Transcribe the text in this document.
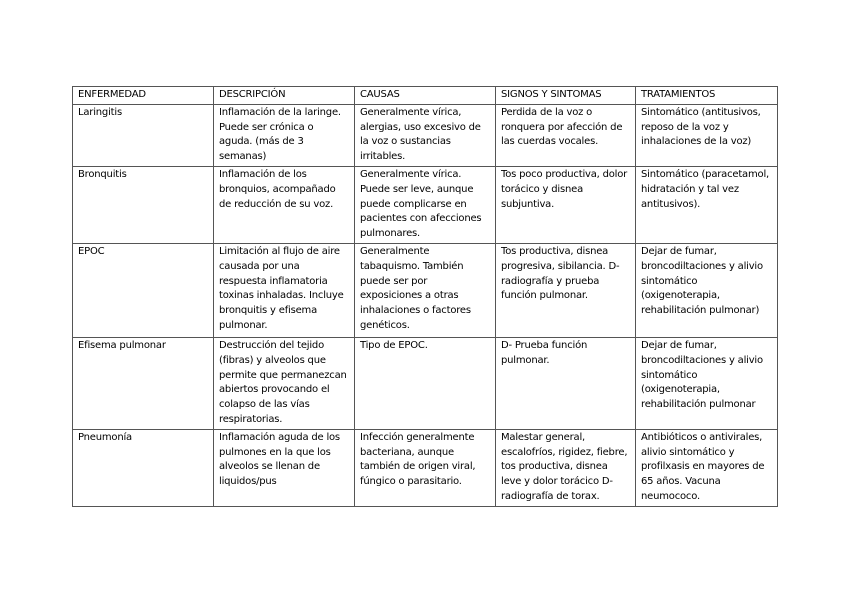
ENFERMEDAD	DESCRIPCIÓN	CAUSAS	SIGNOS Y SINTOMAS	TRATAMIENTOS
Laringitis	Inflamación de la laringe. Puede ser crónica o aguda. (más de 3 semanas)	Generalmente vírica, alergias, uso excesivo de la voz o sustancias irritables.	Perdida de la voz o ronquera por afección de las cuerdas vocales.	Sintomático (antitusivos, reposo de la voz y inhalaciones de la voz)
Bronquitis	Inflamación de los bronquios, acompañado de reducción de su voz.	Generalmente vírica. Puede ser leve, aunque puede complicarse en pacientes con afecciones pulmonares.	Tos poco productiva, dolor torácico y disnea subjuntiva.	Sintomático (paracetamol, hidratación y tal vez antitusivos).
EPOC	Limitación al flujo de aire causada por una respuesta inflamatoria toxinas inhaladas. Incluye bronquitis y efisema pulmonar.	Generalmente tabaquismo. También puede ser por exposiciones a otras inhalaciones o factores genéticos.	Tos productiva, disnea progresiva, sibilancia. D- radiografía y prueba función pulmonar.	Dejar de fumar, broncodiltaciones y alivio sintomático (oxigenoterapia, rehabilitación pulmonar)
Efisema pulmonar	Destrucción del tejido (fibras) y alveolos que permite que permanezcan abiertos provocando el colapso de las vías respiratorias.	Tipo de EPOC.	D- Prueba función pulmonar.	Dejar de fumar, broncodiltaciones y alivio sintomático (oxigenoterapia, rehabilitación pulmonar
Pneumonía	Inflamación aguda de los pulmones en la que los alveolos se llenan de liquidos/pus	Infección generalmente bacteriana, aunque también de origen viral, fúngico o parasitario.	Malestar general, escalofríos, rigidez, fiebre, tos productiva, disnea leve y dolor torácico D- radiografía de torax.	Antibióticos o antivirales, alivio sintomático y profilxasis en mayores de 65 años. Vacuna neumococo.
